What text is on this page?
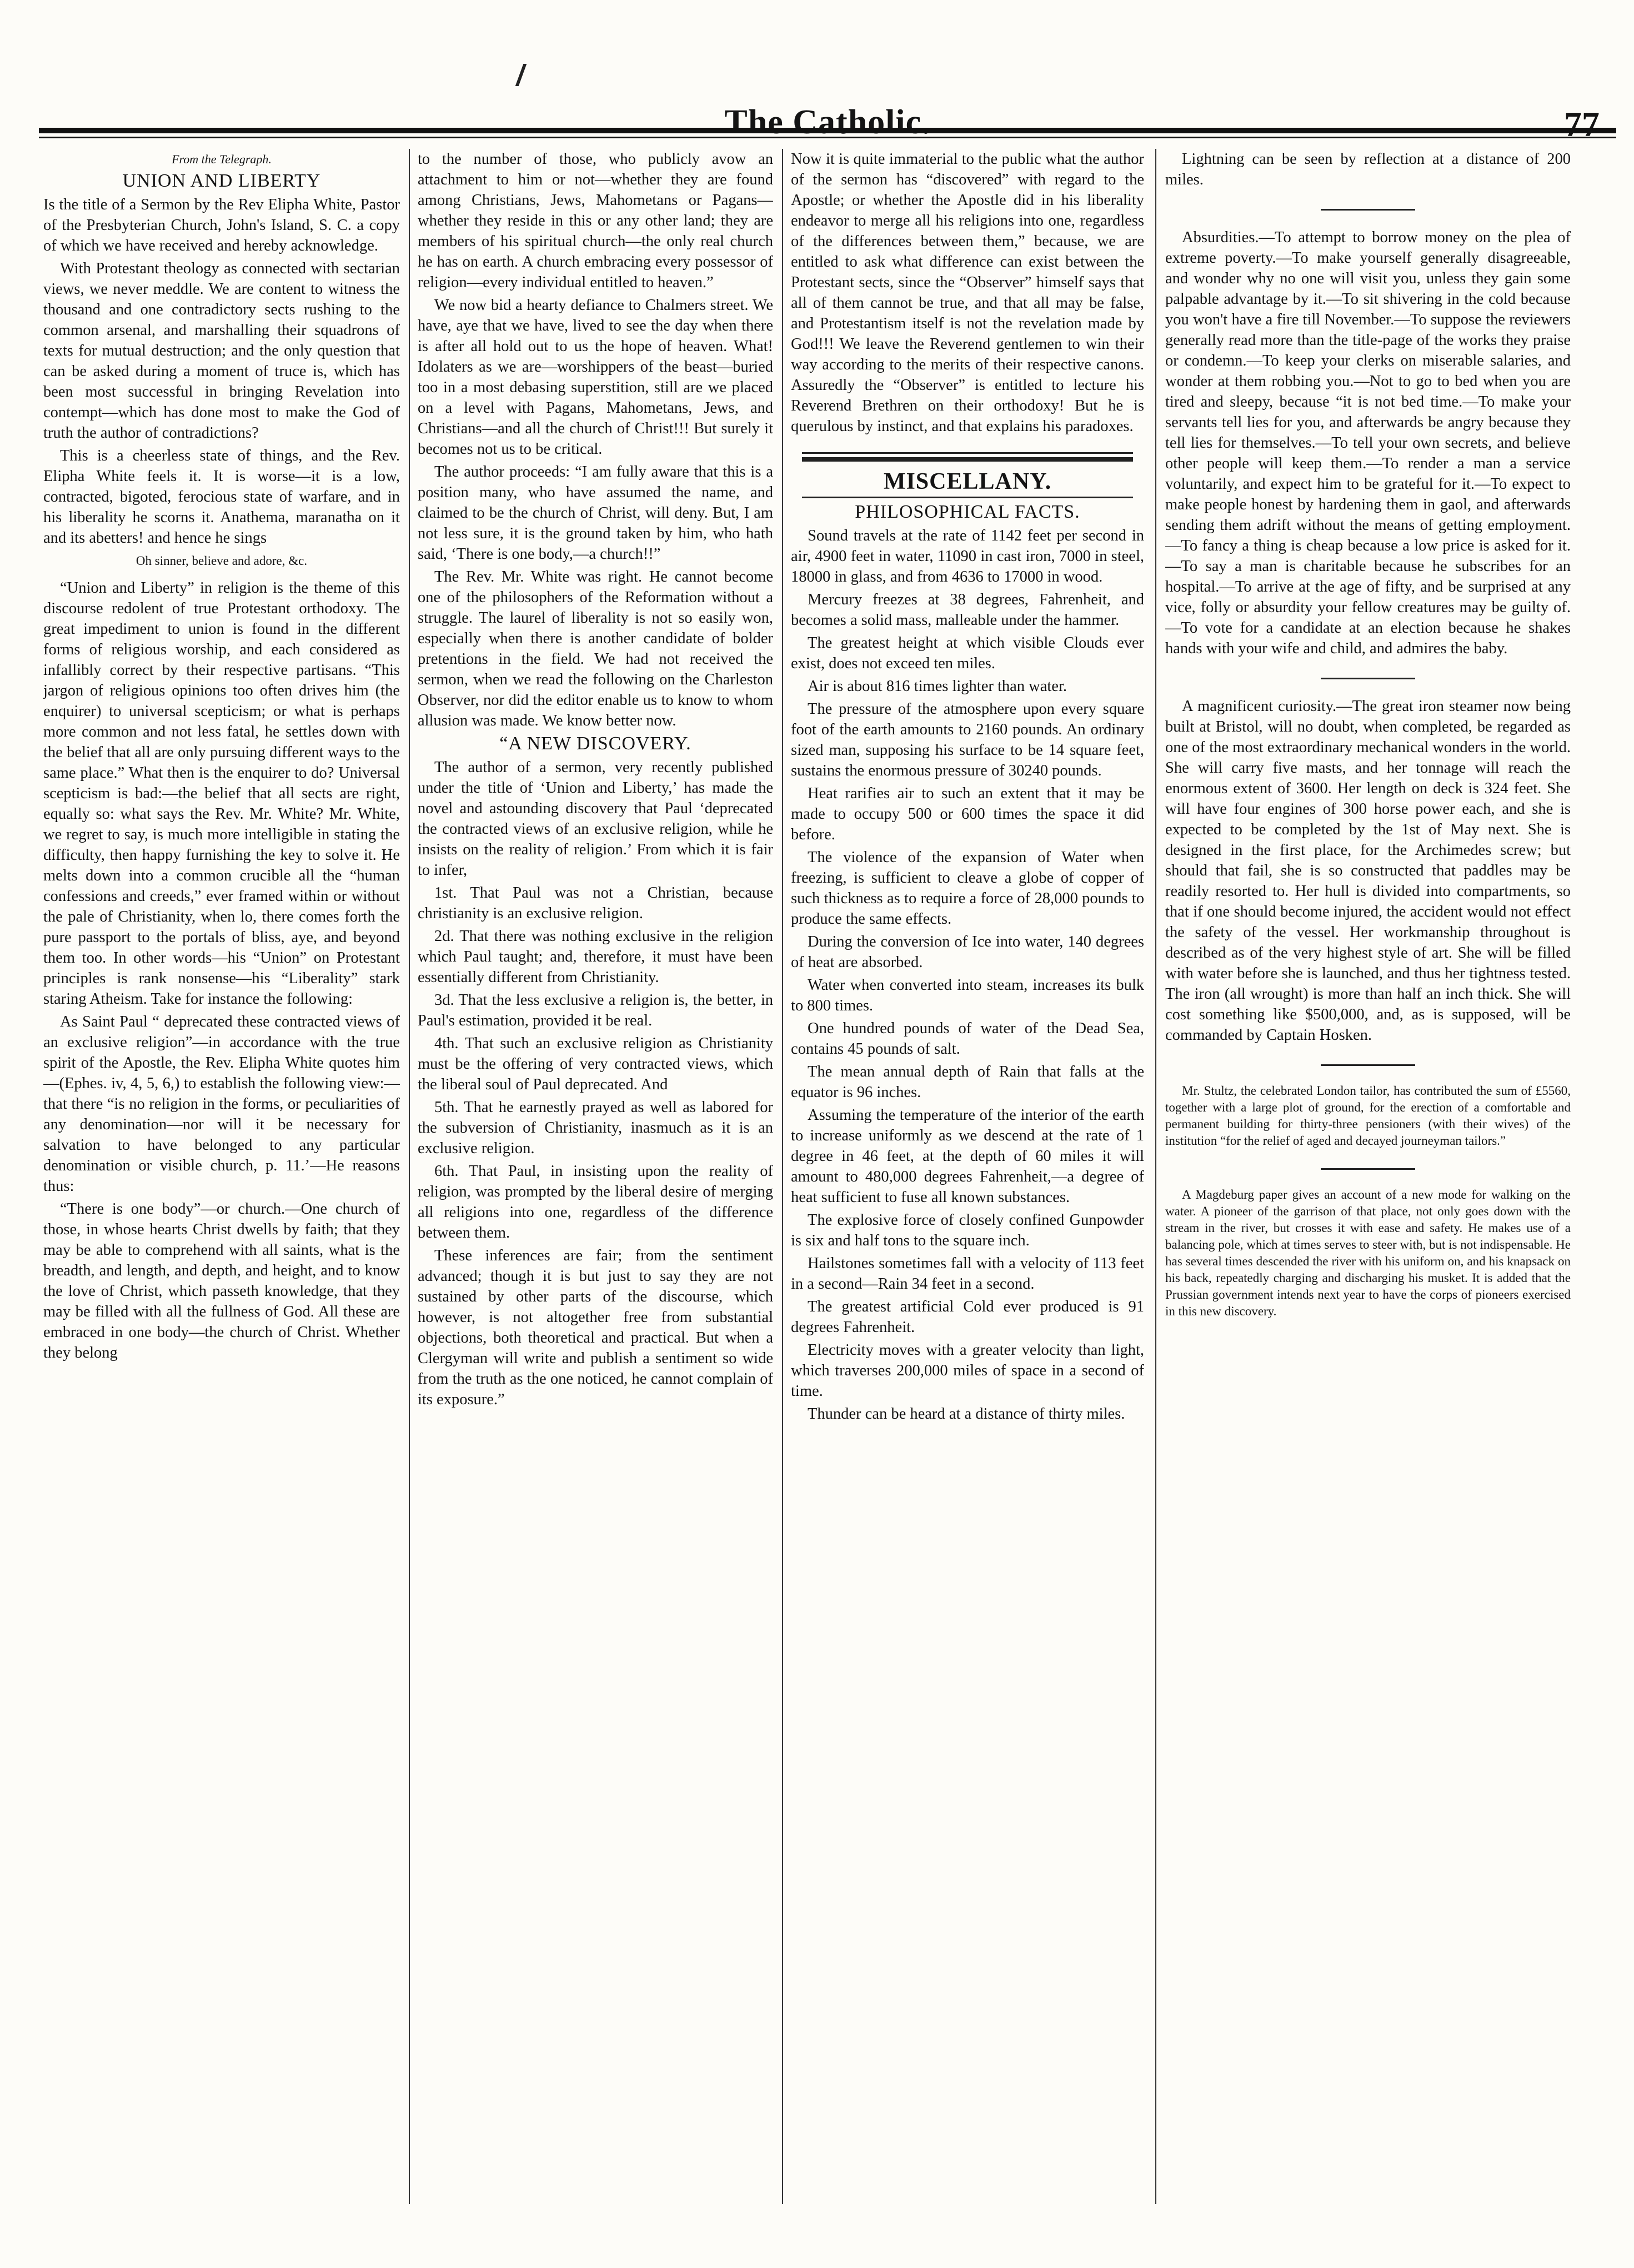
The Catholic.	77

From the Telegraph.

UNION AND LIBERTY

Is the title of a Sermon by the Rev Elipha White, Pastor of the Presbyterian Church, John's Island, S. C. a copy of which we have received and hereby acknowledge.

With Protestant theology as connected with sectarian views, we never meddle. We are content to witness the thousand and one contradictory sects rushing to the common arsenal, and marshalling their squadrons of texts for mutual destruction; and the only question that can be asked during a moment of truce is, which has been most successful in bringing Revelation into contempt—which has done most to make the God of truth the author of contradictions?

This is a cheerless state of things, and the Rev. Elipha White feels it. It is worse—it is a low, contracted, bigoted, ferocious state of warfare, and in his liberality he scorns it. Anathema, maranatha on it and its abetters! and hence he sings

Oh sinner, believe and adore, &c.

“Union and Liberty” in religion is the theme of this discourse redolent of true Protestant orthodoxy. The great impediment to union is found in the different forms of religious worship, and each considered as infallibly correct by their respective partisans. “This jargon of religious opinions too often drives him (the enquirer) to universal scepticism; or what is perhaps more common and not less fatal, he settles down with the belief that all are only pursuing different ways to the same place.” What then is the enquirer to do? Universal scepticism is bad:—the belief that all sects are right, equally so: what says the Rev. Mr. White? Mr. White, we regret to say, is much more intelligible in stating the difficulty, then happy furnishing the key to solve it. He melts down into a common crucible all the “human confessions and creeds,” ever framed within or without the pale of Christianity, when lo, there comes forth the pure passport to the portals of bliss, aye, and beyond them too. In other words—his “Union” on Protestant principles is rank nonsense—his “Liberality” stark staring Atheism. Take for instance the following:

As Saint Paul “ deprecated these contracted views of an exclusive religion”—in accordance with the true spirit of the Apostle, the Rev. Elipha White quotes him—(Ephes. iv, 4, 5, 6,) to establish the following view:—that there “is no religion in the forms, or peculiarities of any denomination—nor will it be necessary for salvation to have belonged to any particular denomination or visible church, p. 11.’—He reasons thus:

“There is one body”—or church.—One church of those, in whose hearts Christ dwells by faith; that they may be able to comprehend with all saints, what is the breadth, and length, and depth, and height, and to know the love of Christ, which passeth knowledge, that they may be filled with all the fullness of God. All these are embraced in one body—the church of Christ. Whether they belong

to the number of those, who publicly avow an attachment to him or not—whether they are found among Christians, Jews, Mahometans or Pagans—whether they reside in this or any other land; they are members of his spiritual church—the only real church he has on earth. A church embracing every possessor of religion—every individual entitled to heaven.”

We now bid a hearty defiance to Chalmers street. We have, aye that we have, lived to see the day when there is after all hold out to us the hope of heaven. What! Idolaters as we are—worshippers of the beast—buried too in a most debasing superstition, still are we placed on a level with Pagans, Mahometans, Jews, and Christians—and all the church of Christ!!! But surely it becomes not us to be critical.

The author proceeds: “I am fully aware that this is a position many, who have assumed the name, and claimed to be the church of Christ, will deny. But, I am not less sure, it is the ground taken by him, who hath said, ‘There is one body,—a church!!”

The Rev. Mr. White was right. He cannot become one of the philosophers of the Reformation without a struggle. The laurel of liberality is not so easily won, especially when there is another candidate of bolder pretentions in the field. We had not received the sermon, when we read the following on the Charleston Observer, nor did the editor enable us to know to whom allusion was made. We know better now.

“A NEW DISCOVERY.

The author of a sermon, very recently published under the title of ‘Union and Liberty,’ has made the novel and astounding discovery that Paul ‘deprecated the contracted views of an exclusive religion, while he insists on the reality of religion.’ From which it is fair to infer,

1st. That Paul was not a Christian, because christianity is an exclusive religion.

2d. That there was nothing exclusive in the religion which Paul taught; and, therefore, it must have been essentially different from Christianity.

3d. That the less exclusive a religion is, the better, in Paul's estimation, provided it be real.

4th. That such an exclusive religion as Christianity must be the offering of very contracted views, which the liberal soul of Paul deprecated. And

5th. That he earnestly prayed as well as labored for the subversion of Christianity, inasmuch as it is an exclusive religion.

6th. That Paul, in insisting upon the reality of religion, was prompted by the liberal desire of merging all religions into one, regardless of the difference between them.

These inferences are fair; from the sentiment advanced; though it is but just to say they are not sustained by other parts of the discourse, which however, is not altogether free from substantial objections, both theoretical and practical. But when a Clergyman will write and publish a sentiment so wide from the truth as the one noticed, he cannot complain of its exposure.”

Now it is quite immaterial to the public what the author of the sermon has “discovered” with regard to the Apostle; or whether the Apostle did in his liberality endeavor to merge all his religions into one, regardless of the differences between them,” because, we are entitled to ask what difference can exist between the Protestant sects, since the “Observer” himself says that all of them cannot be true, and that all may be false, and Protestantism itself is not the revelation made by God!!! We leave the Reverend gentlemen to win their way according to the merits of their respective canons. Assuredly the “Observer” is entitled to lecture his Reverend Brethren on their orthodoxy! But he is querulous by instinct, and that explains his paradoxes.

MISCELLANY.

PHILOSOPHICAL FACTS.

Sound travels at the rate of 1142 feet per second in air, 4900 feet in water, 11090 in cast iron, 7000 in steel, 18000 in glass, and from 4636 to 17000 in wood.

Mercury freezes at 38 degrees, Fahrenheit, and becomes a solid mass, malleable under the hammer.

The greatest height at which visible Clouds ever exist, does not exceed ten miles.

Air is about 816 times lighter than water.

The pressure of the atmosphere upon every square foot of the earth amounts to 2160 pounds. An ordinary sized man, supposing his surface to be 14 square feet, sustains the enormous pressure of 30240 pounds.

Heat rarifies air to such an extent that it may be made to occupy 500 or 600 times the space it did before.

The violence of the expansion of Water when freezing, is sufficient to cleave a globe of copper of such thickness as to require a force of 28,000 pounds to produce the same effects.

During the conversion of Ice into water, 140 degrees of heat are absorbed.

Water when converted into steam, increases its bulk to 800 times.

One hundred pounds of water of the Dead Sea, contains 45 pounds of salt.

The mean annual depth of Rain that falls at the equator is 96 inches.

Assuming the temperature of the interior of the earth to increase uniformly as we descend at the rate of 1 degree in 46 feet, at the depth of 60 miles it will amount to 480,000 degrees Fahrenheit,—a degree of heat sufficient to fuse all known substances.

The explosive force of closely confined Gunpowder is six and half tons to the square inch.

Hailstones sometimes fall with a velocity of 113 feet in a second—Rain 34 feet in a second.

The greatest artificial Cold ever produced is 91 degrees Fahrenheit.

Electricity moves with a greater velocity than light, which traverses 200,000 miles of space in a second of time.

Thunder can be heard at a distance of thirty miles.

Lightning can be seen by reflection at a distance of 200 miles.

Absurdities.—To attempt to borrow money on the plea of extreme poverty.—To make yourself generally disagreeable, and wonder why no one will visit you, unless they gain some palpable advantage by it.—To sit shivering in the cold because you won't have a fire till November.—To suppose the reviewers generally read more than the title-page of the works they praise or condemn.—To keep your clerks on miserable salaries, and wonder at them robbing you.—Not to go to bed when you are tired and sleepy, because “it is not bed time.—To make your servants tell lies for you, and afterwards be angry because they tell lies for themselves.—To tell your own secrets, and believe other people will keep them.—To render a man a service voluntarily, and expect him to be grateful for it.—To expect to make people honest by hardening them in gaol, and afterwards sending them adrift without the means of getting employment.—To fancy a thing is cheap because a low price is asked for it.—To say a man is charitable because he subscribes for an hospital.—To arrive at the age of fifty, and be surprised at any vice, folly or absurdity your fellow creatures may be guilty of.—To vote for a candidate at an election because he shakes hands with your wife and child, and admires the baby.

A magnificent curiosity.—The great iron steamer now being built at Bristol, will no doubt, when completed, be regarded as one of the most extraordinary mechanical wonders in the world. She will carry five masts, and her tonnage will reach the enormous extent of 3600. Her length on deck is 324 feet. She will have four engines of 300 horse power each, and she is expected to be completed by the 1st of May next. She is designed in the first place, for the Archimedes screw; but should that fail, she is so constructed that paddles may be readily resorted to. Her hull is divided into compartments, so that if one should become injured, the accident would not effect the safety of the vessel. Her workmanship throughout is described as of the very highest style of art. She will be filled with water before she is launched, and thus her tightness tested. The iron (all wrought) is more than half an inch thick. She will cost something like $500,000, and, as is supposed, will be commanded by Captain Hosken.

Mr. Stultz, the celebrated London tailor, has contributed the sum of £5560, together with a large plot of ground, for the erection of a comfortable and permanent building for thirty-three pensioners (with their wives) of the institution “for the relief of aged and decayed journeyman tailors.”

A Magdeburg paper gives an account of a new mode for walking on the water. A pioneer of the garrison of that place, not only goes down with the stream in the river, but crosses it with ease and safety. He makes use of a balancing pole, which at times serves to steer with, but is not indispensable. He has several times descended the river with his uniform on, and his knapsack on his back, repeatedly charging and discharging his musket. It is added that the Prussian government intends next year to have the corps of pioneers exercised in this new discovery.
